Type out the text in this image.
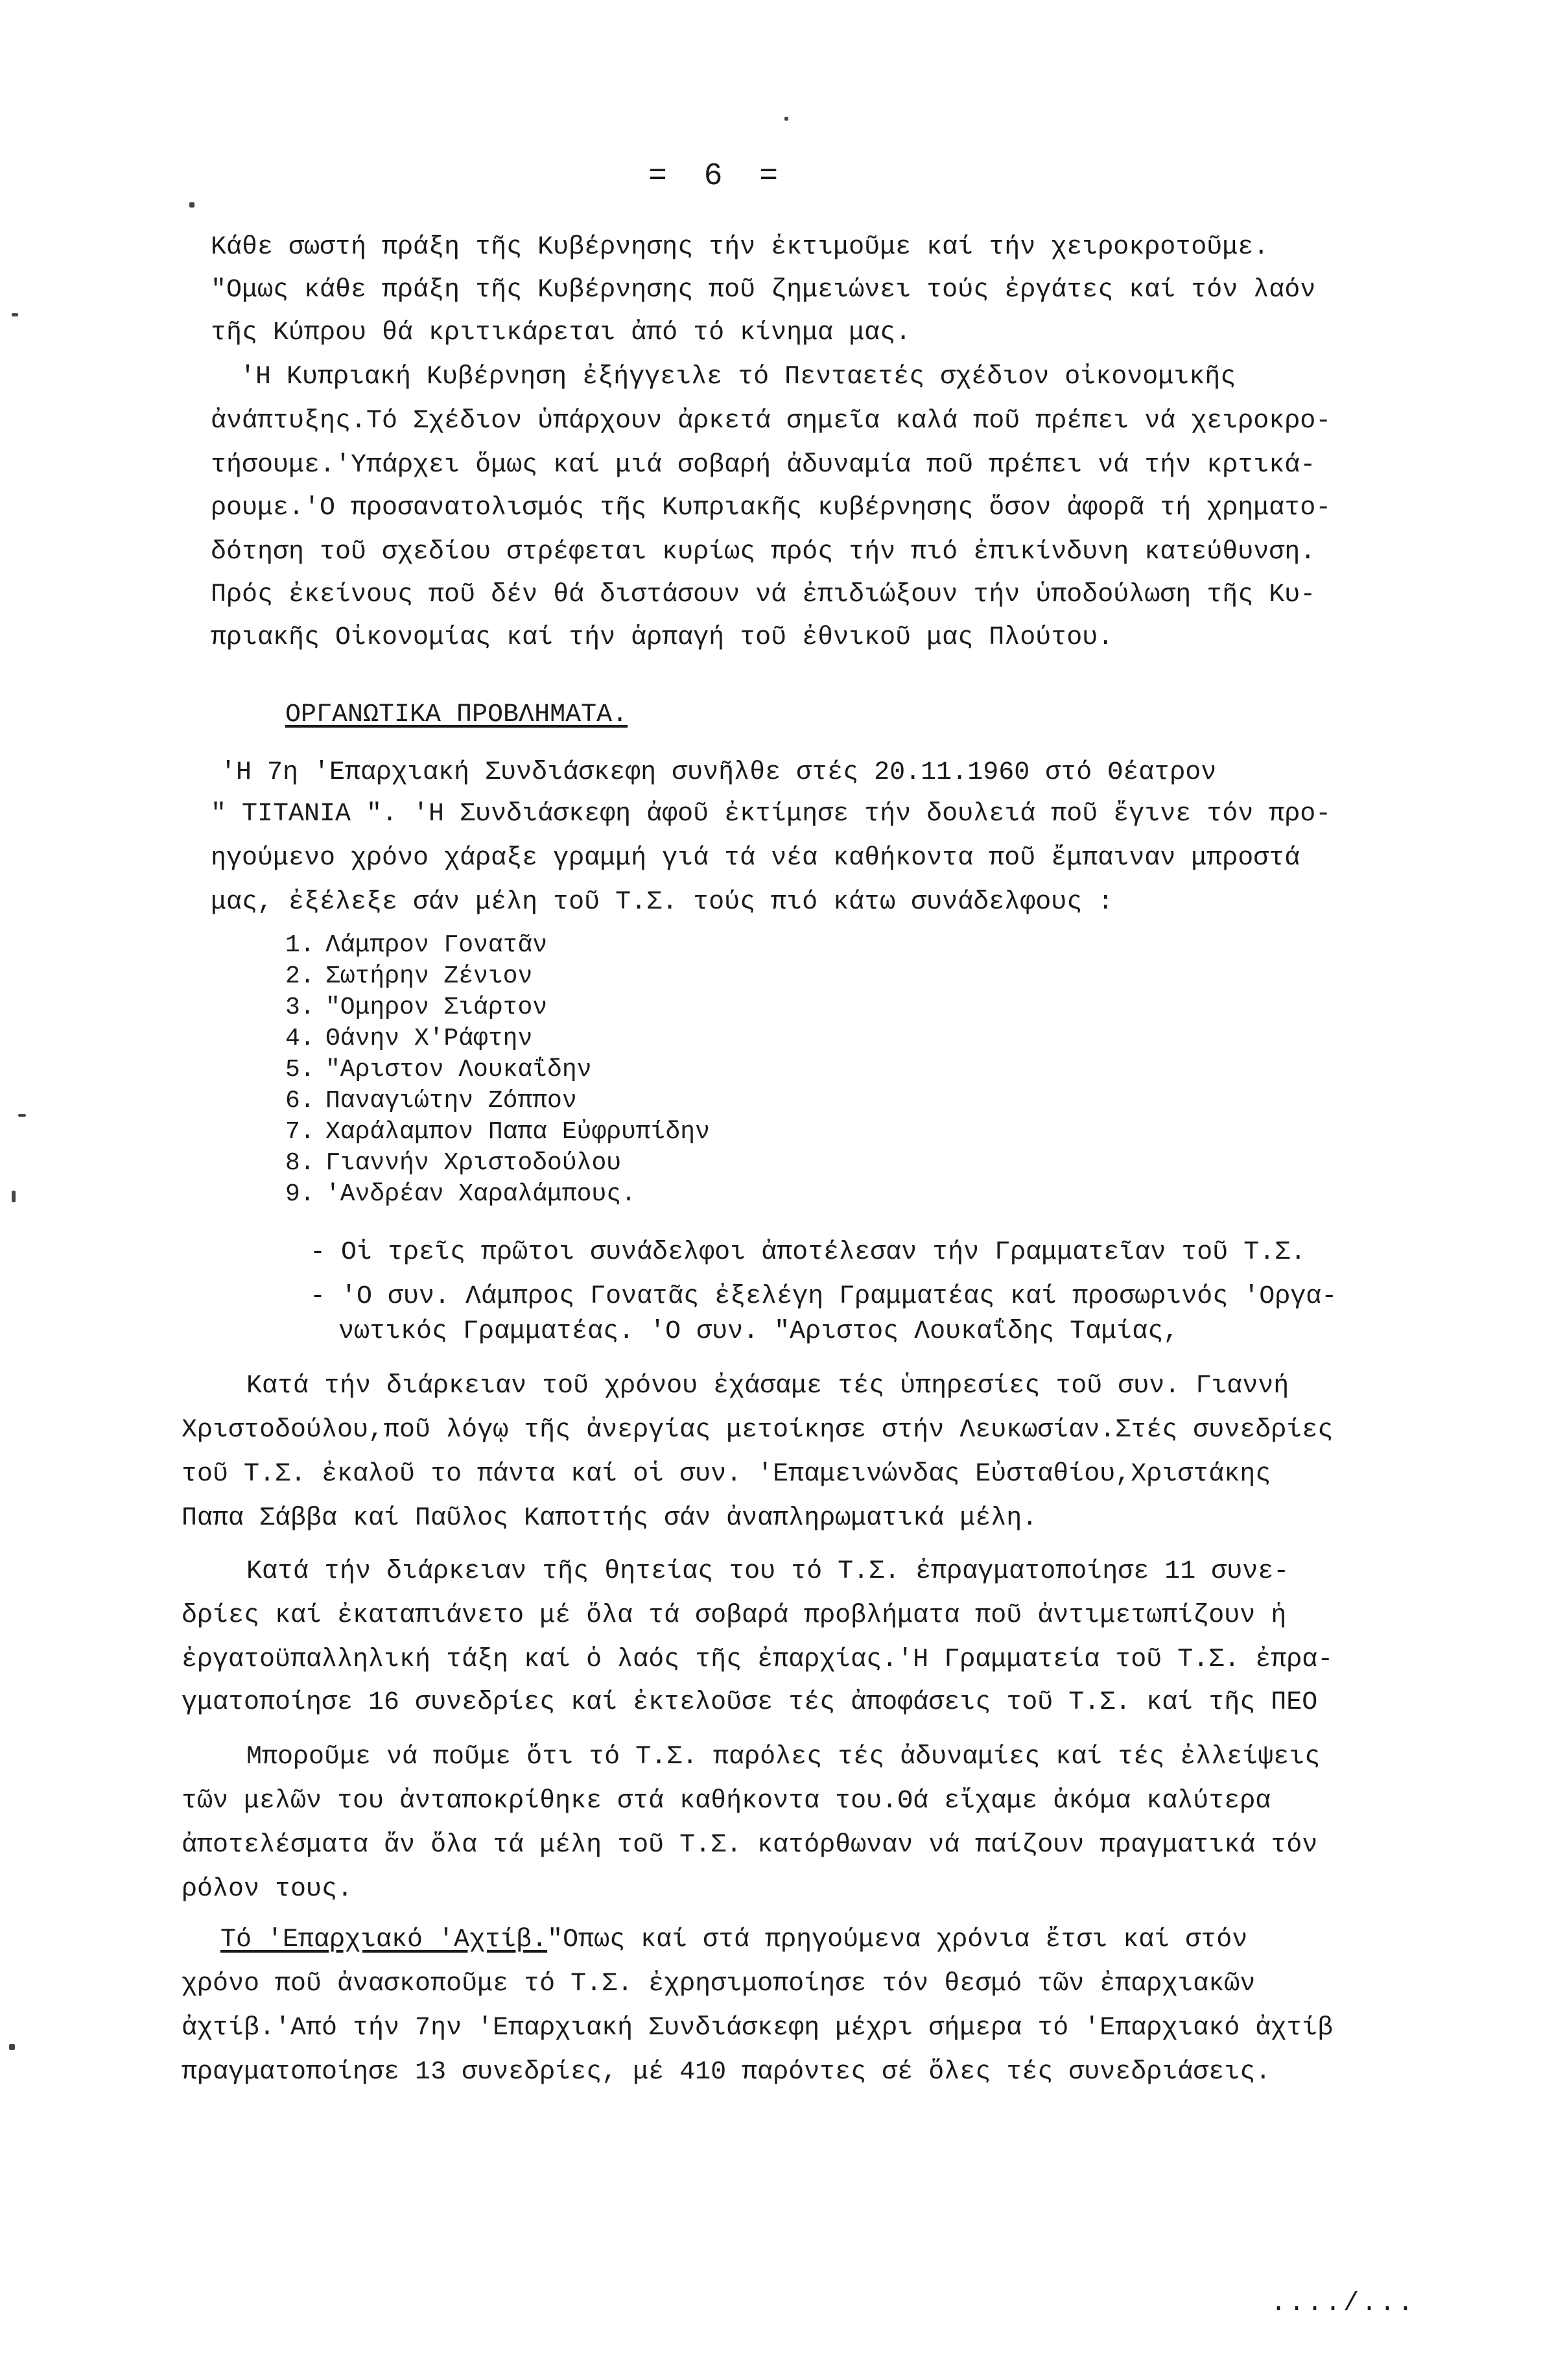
= 6 =
Κάθε σωστή πράξη τῆς Κυβέρνησης τήν ἐκτιμοῦμε καί τήν χειροκροτοῦμε.
"Ομως κάθε πράξη τῆς Κυβέρνησης ποῦ ζημειώνει τούς ἐργάτες καί τόν λαόν
τῆς Κύπρου θά κριτικάρεται ἀπό τό κίνημα μας.
'Η Κυπριακή Κυβέρνηση ἐξήγγειλε τό Πενταετές σχέδιον οἰκονομικῆς
ἀνάπτυξης.Τό Σχέδιον ὑπάρχουν ἀρκετά σημεῖα καλά ποῦ πρέπει νά χειροκρο-
τήσουμε.'Υπάρχει ὅμως καί μιά σοβαρή ἀδυναμία ποῦ πρέπει νά τήν κρτικά-
ρουμε.'Ο προσανατολισμός τῆς Κυπριακῆς κυβέρνησης ὅσον ἀφορᾶ τή χρηματο-
δότηση τοῦ σχεδίου στρέφεται κυρίως πρός τήν πιό ἐπικίνδυνη κατεύθυνση.
Πρός ἐκείνους ποῦ δέν θά διστάσουν νά ἐπιδιώξουν τήν ὑποδούλωση τῆς Κυ-
πριακῆς Οἰκονομίας καί τήν ἁρπαγή τοῦ ἐθνικοῦ μας Πλούτου.
ΟΡΓΑΝΩΤΙΚΑ ΠΡΟΒΛΗΜΑΤΑ.
'Η 7η 'Επαρχιακή Συνδιάσκεφη συνῆλθε στές 20.11.1960 στό Θέατρον
" ΤΙΤΑΝΙΑ ". 'Η Συνδιάσκεφη ἀφοῦ ἐκτίμησε τήν δουλειά ποῦ ἔγινε τόν προ-
ηγούμενο χρόνο χάραξε γραμμή γιά τά νέα καθήκοντα ποῦ ἔμπαιναν μπροστά
μας, ἐξέλεξε σάν μέλη τοῦ Τ.Σ. τούς πιό κάτω συνάδελφους :
1. Λάμπρον Γονατᾶν
2. Σωτήρην Ζένιον
3. "Ομηρον Σιάρτον
4. Θάνην Χ'Ράφτην
5. "Αριστον Λουκαΐδην
6. Παναγιώτην Ζόππον
7. Χαράλαμπον Παπα Εὐφρυπίδην
8. Γιαννήν Χριστοδούλου
9. 'Ανδρέαν Χαραλάμπους.
- Οἱ τρεῖς πρῶτοι συνάδελφοι ἀποτέλεσαν τήν Γραμματεῖαν τοῦ Τ.Σ.
- 'Ο συν. Λάμπρος Γονατᾶς ἐξελέγη Γραμματέας καί προσωρινός 'Οργα-
νωτικός Γραμματέας. 'Ο συν. "Αριστος Λουκαΐδης Ταμίας,
Κατά τήν διάρκειαν τοῦ χρόνου ἐχάσαμε τές ὑπηρεσίες τοῦ συν. Γιαννή
Χριστοδούλου,ποῦ λόγῳ τῆς ἀνεργίας μετοίκησε στήν Λευκωσίαν.Στές συνεδρίες
τοῦ Τ.Σ. ἐκαλοῦ το πάντα καί οἱ συν. 'Επαμεινώνδας Εὐσταθίου,Χριστάκης
Παπα Σάββα καί Παῦλος Καποττής σάν ἀναπληρωματικά μέλη.
Κατά τήν διάρκειαν τῆς θητείας του τό Τ.Σ. ἐπραγματοποίησε 11 συνε-
δρίες καί ἐκαταπιάνετο μέ ὅλα τά σοβαρά προβλήματα ποῦ ἀντιμετωπίζουν ἡ
ἐργατοϋπαλληλική τάξη καί ὁ λαός τῆς ἐπαρχίας.'Η Γραμματεία τοῦ Τ.Σ. ἐπρα-
γματοποίησε 16 συνεδρίες καί ἐκτελοῦσε τές ἀποφάσεις τοῦ Τ.Σ. καί τῆς ΠΕΟ
Μποροῦμε νά ποῦμε ὅτι τό Τ.Σ. παρόλες τές ἀδυναμίες καί τές ἐλλείψεις
τῶν μελῶν του ἀνταποκρίθηκε στά καθήκοντα του.Θά εἴχαμε ἀκόμα καλύτερα
ἀποτελέσματα ἄν ὅλα τά μέλη τοῦ Τ.Σ. κατόρθωναν νά παίζουν πραγματικά τόν
ρόλον τους.
Τό 'Επαρχιακό 'Αχτίβ."Οπως καί στά πρηγούμενα χρόνια ἔτσι καί στόν
χρόνο ποῦ ἀνασκοποῦμε τό Τ.Σ. ἐχρησιμοποίησε τόν θεσμό τῶν ἐπαρχιακῶν
ἀχτίβ.'Από τήν 7ην 'Επαρχιακή Συνδιάσκεφη μέχρι σήμερα τό 'Επαρχιακό ἀχτίβ
πραγματοποίησε 13 συνεδρίες, μέ 410 παρόντες σέ ὅλες τές συνεδριάσεις.
..../...
